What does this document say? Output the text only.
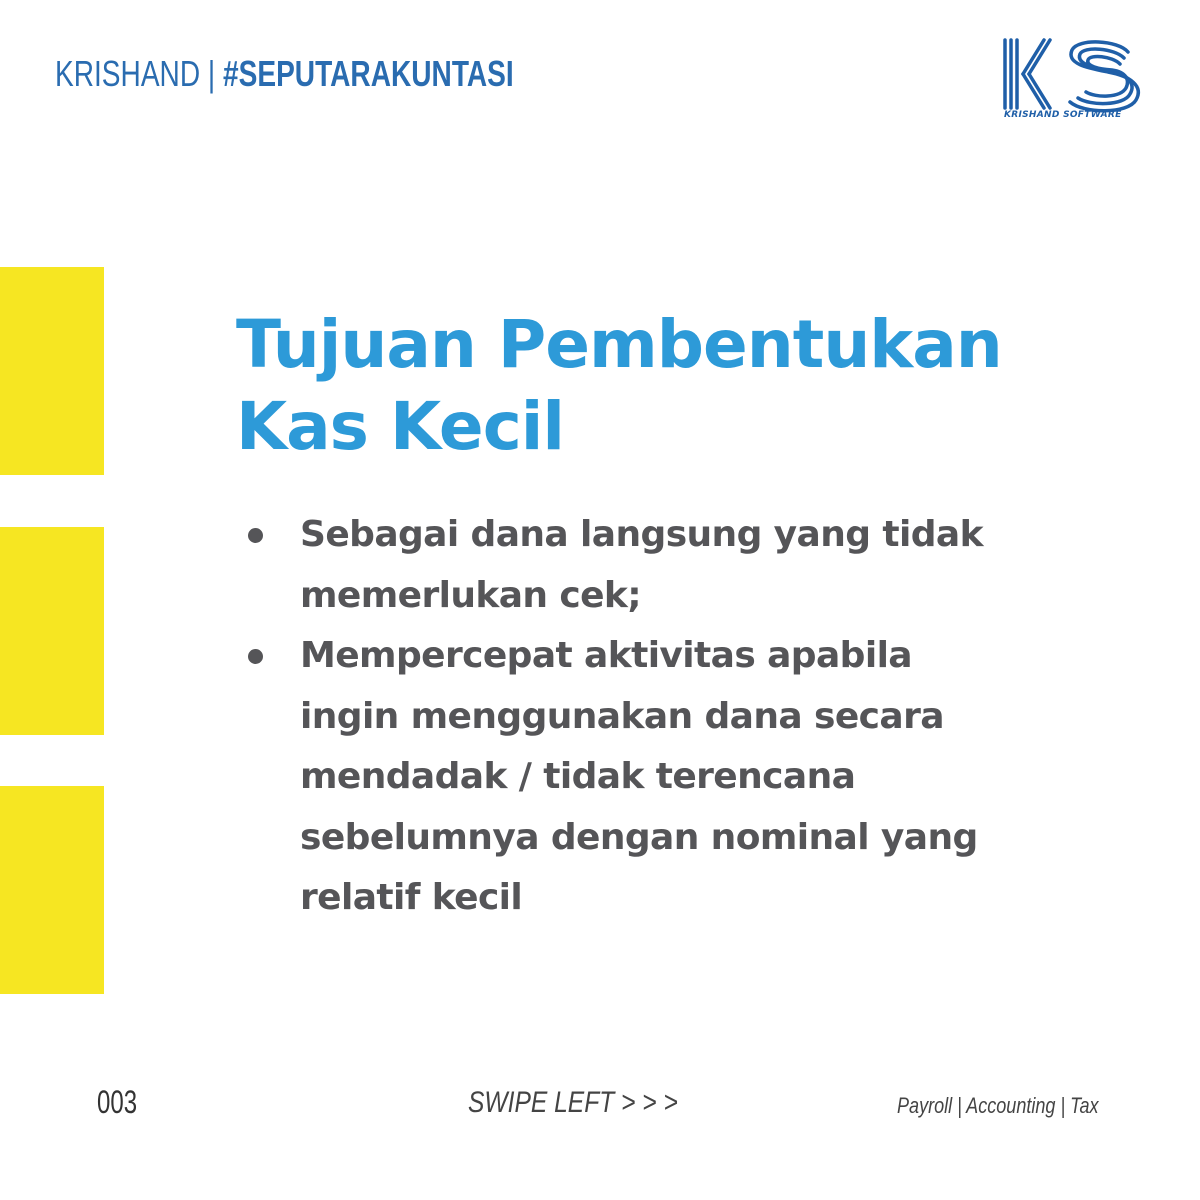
KRISHAND | #SEPUTARAKUNTASI
KRISHAND SOFTWARE
Tujuan Pembentukan
Kas Kecil
Sebagai dana langsung yang tidak memerlukan cek;
Mempercepat aktivitas apabila ingin menggunakan dana secara mendadak / tidak terencana sebelumnya dengan nominal yang relatif kecil
003	SWIPE LEFT > > >	Payroll | Accounting | Tax
